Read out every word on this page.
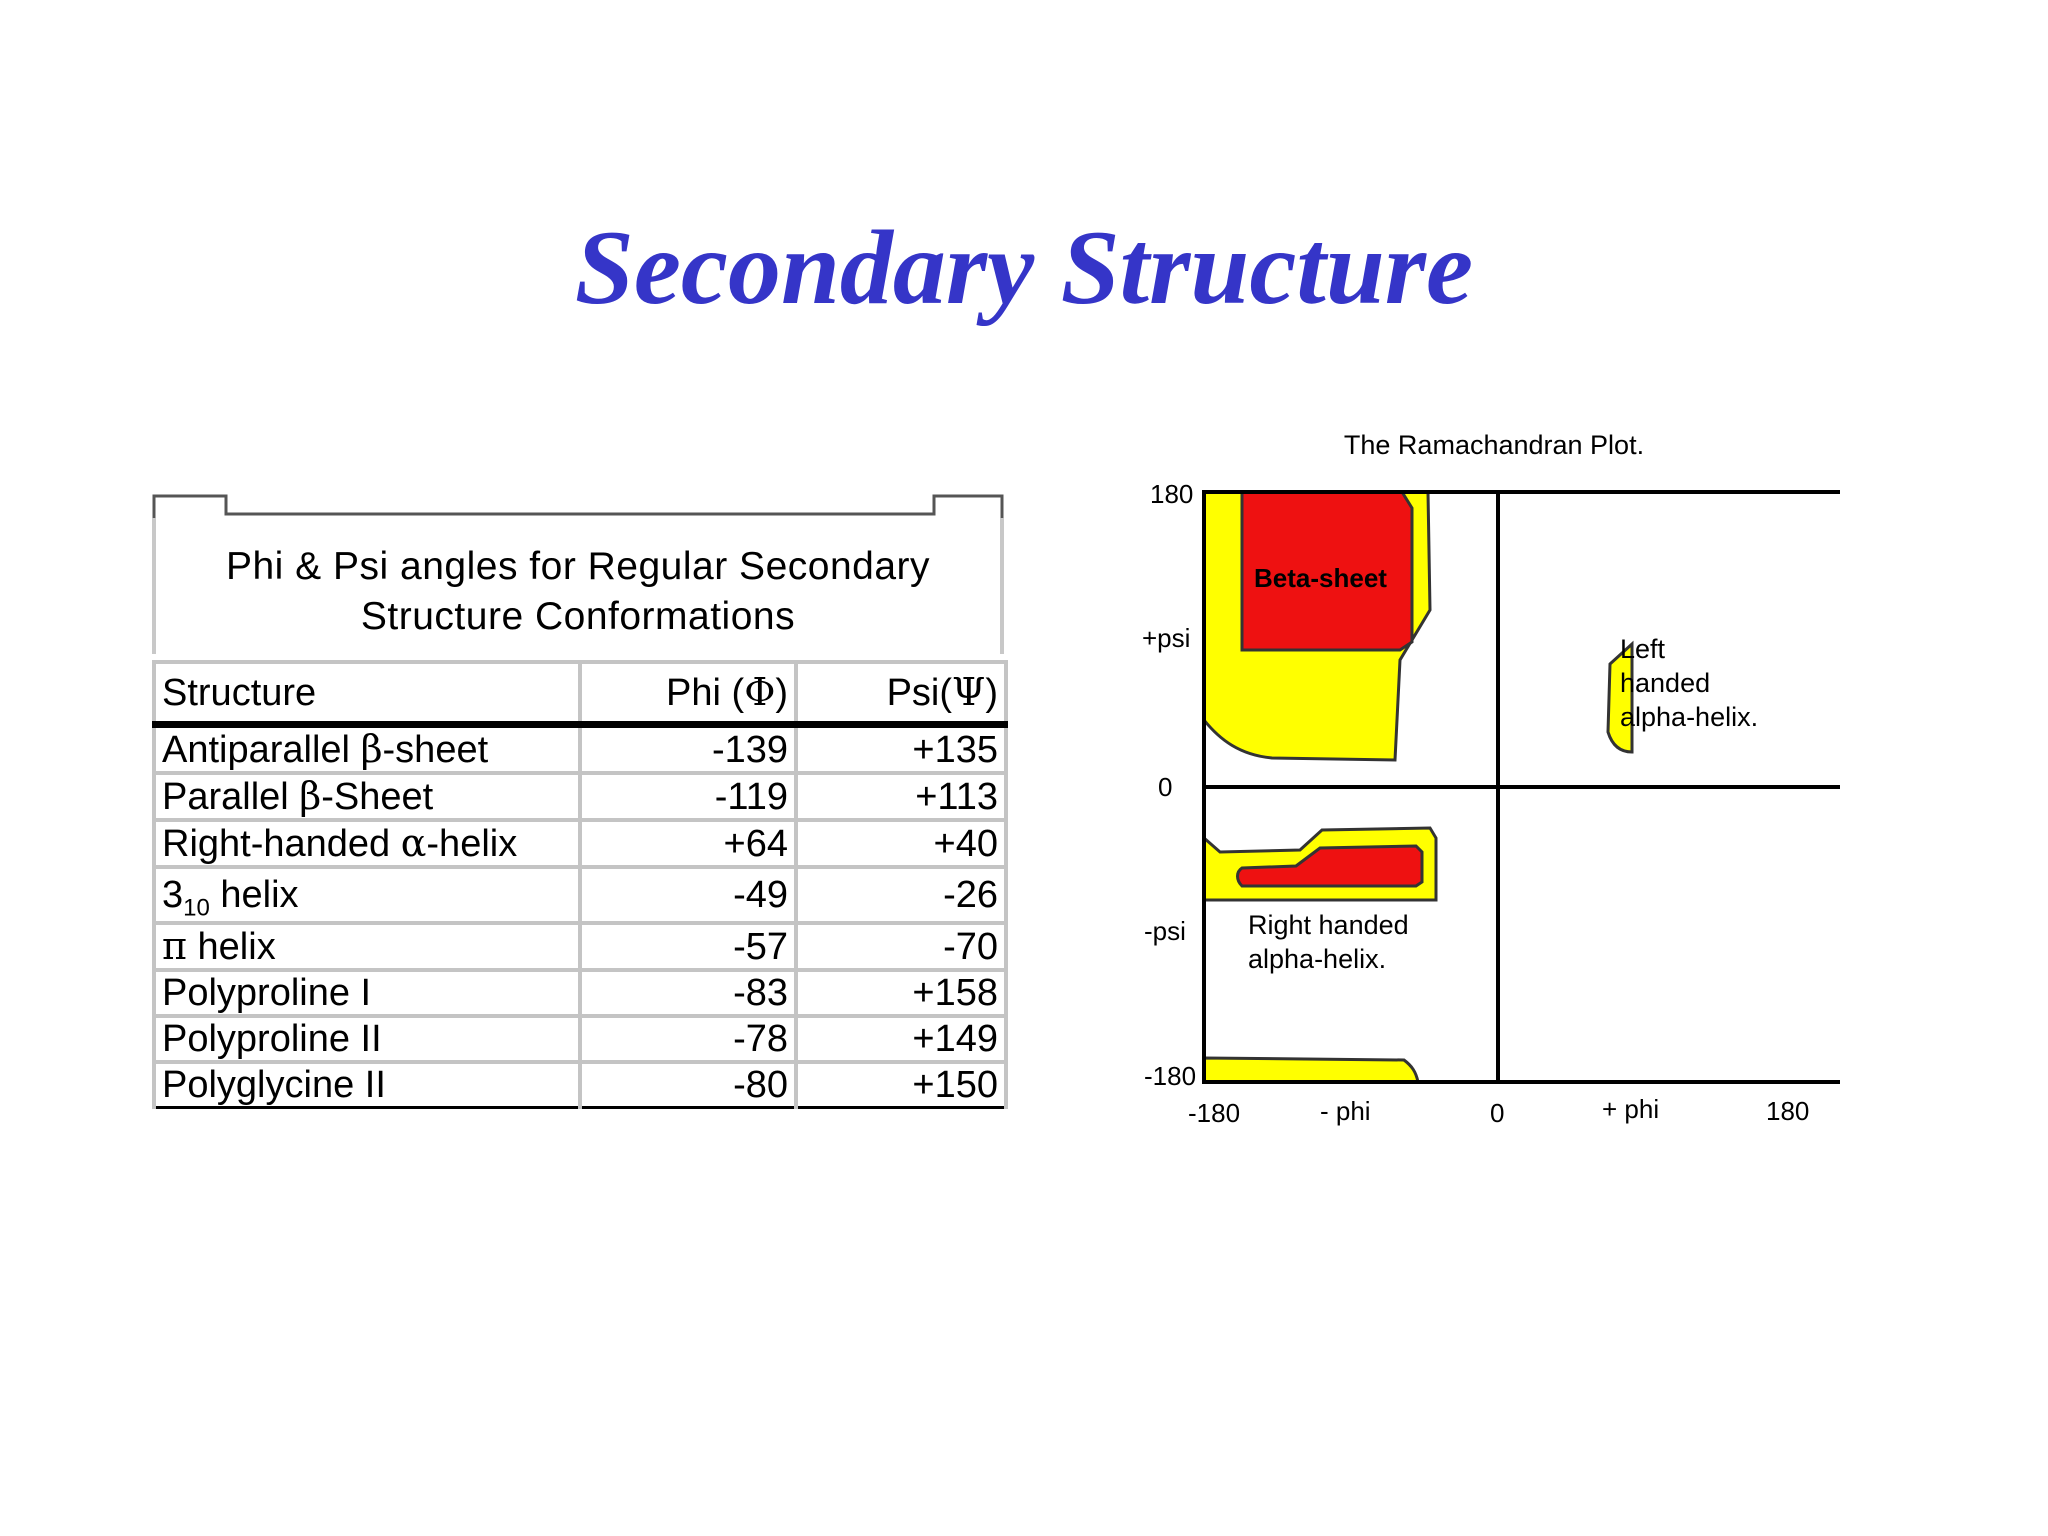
Secondary Structure
Phi & Psi angles for Regular Secondary
Structure Conformations
Structure	Phi (Φ)	Psi(Ψ)
Antiparallel β-sheet	-139	+135
Parallel β-Sheet	-119	+113
Right-handed α-helix	+64	+40
$3_{10}$ helix	-49	-26
π helix	-57	-70
Polyproline I	-83	+158
Polyproline II	-78	+149
Polyglycine II	-80	+150
The Ramachandran Plot.
Beta-sheet
Left
handed
alpha-helix.
Right handed
alpha-helix.
180
+psi
0
-psi
-180
-180	- phi	0	+ phi	180
